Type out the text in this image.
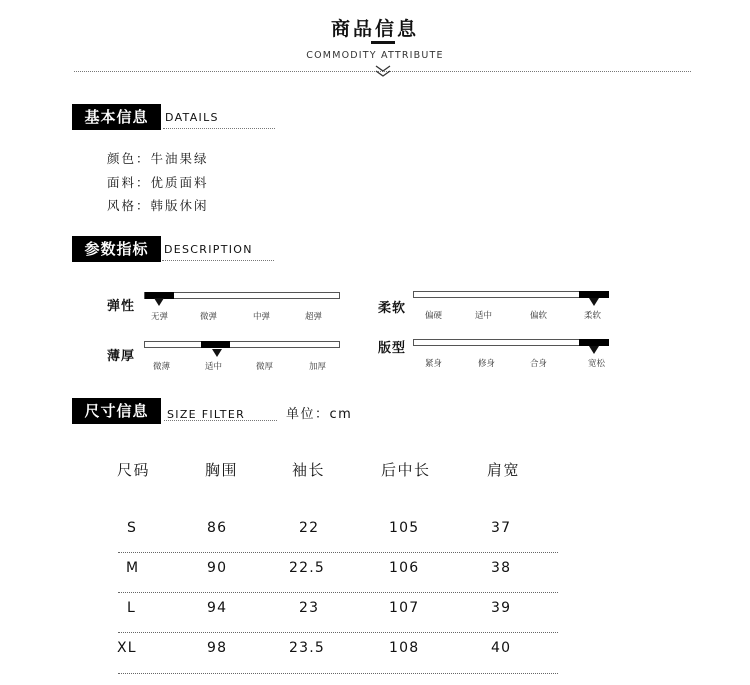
商品信息
COMMODITY ATTRIBUTE
基本信息	DATAILS
颜色：牛油果绿
面料：优质面料
风格：韩版休闲
参数指标	DESCRIPTION
弹性
无弹	微弹	中弹	超弹
柔软 偏硬	适中	偏软	柔软
薄厚
微薄	适中	微厚	加厚
版型
紧身	修身	合身	宽松
尺寸信息	SIZE FILTER	单位：cm
尺码	胸围	袖长	后中长	肩宽
S	86	22	105	37
M	90	22.5	106	38
L	94	23	107	39
XL	98	23.5	108	40
